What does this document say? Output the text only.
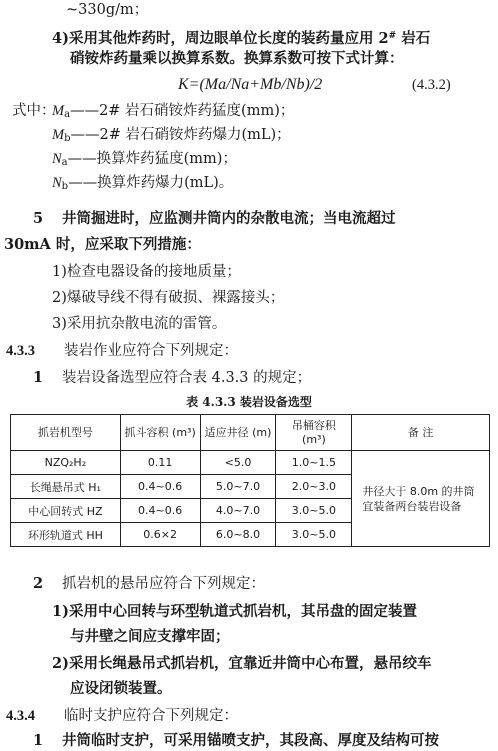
~330g/m；
4)采用其他炸药时，周边眼单位长度的装药量应用 2# 岩石
硝铵炸药量乘以换算系数。换算系数可按下式计算：
K=(Ma/Na+Mb/Nb)/2	(4.3.2)
式中：
$M_a——2\#$ 岩石硝铵炸药猛度(mm)；
$M_b——2\#$ 岩石硝铵炸药爆力(mL)；
$N_a——$换算炸药猛度(mm)；
$N_b——$换算炸药爆力(mL)。
5 井筒掘进时，应监测井筒内的杂散电流；当电流超过
30mA 时，应采取下列措施：
1)检查电器设备的接地质量；
2)爆破导线不得有破损、裸露接头；
3)采用抗杂散电流的雷管。
4.3.3 装岩作业应符合下列规定：
1 装岩设备选型应符合表 4.3.3 的规定；
表 4.3.3 装岩设备选型
抓岩机型号	抓斗容积 (m³)	适应井径 (m)	吊桶容积 (m³)	备 注
NZQ₂H₂	0.11	<5.0	1.0~1.5	井径大于 8.0m 的井筒宜装备两台装岩设备
长绳悬吊式 H₁	0.4~0.6	5.0~7.0	2.0~3.0	
中心回转式 HZ	0.4~0.6	4.0~7.0	3.0~5.0	
环形轨道式 HH	0.6×2	6.0~8.0	3.0~5.0	
2 抓岩机的悬吊应符合下列规定：
1)采用中心回转与环型轨道式抓岩机，其吊盘的固定装置
与井壁之间应支撑牢固；
2)采用长绳悬吊式抓岩机，宜靠近井筒中心布置，悬吊绞车
应设闭锁装置。
4.3.4 临时支护应符合下列规定：
1 井筒临时支护，可采用锚喷支护，其段高、厚度及结构可按
